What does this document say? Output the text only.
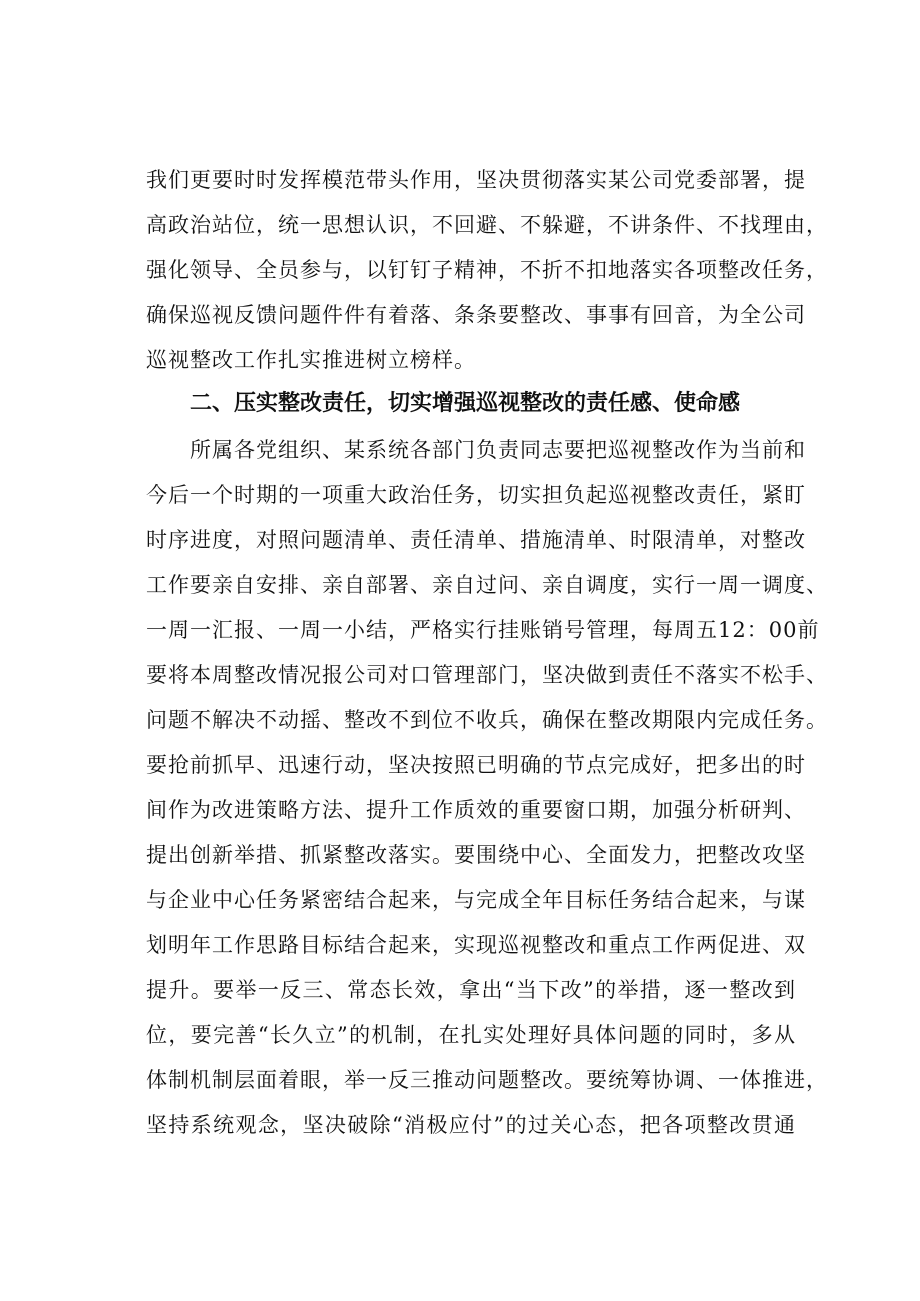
我们更要时时发挥模范带头作用，坚决贯彻落实某公司党委部署，提
高政治站位，统一思想认识，不回避、不躲避，不讲条件、不找理由，
强化领导、全员参与，以钉钉子精神，不折不扣地落实各项整改任务，
确保巡视反馈问题件件有着落、条条要整改、事事有回音，为全公司
巡视整改工作扎实推进树立榜样。
二、压实整改责任，切实增强巡视整改的责任感、使命感
所属各党组织、某系统各部门负责同志要把巡视整改作为当前和
今后一个时期的一项重大政治任务，切实担负起巡视整改责任，紧盯
时序进度，对照问题清单、责任清单、措施清单、时限清单，对整改
工作要亲自安排、亲自部署、亲自过问、亲自调度，实行一周一调度、
一周一汇报、一周一小结，严格实行挂账销号管理，每周五12：00前
要将本周整改情况报公司对口管理部门，坚决做到责任不落实不松手、
问题不解决不动摇、整改不到位不收兵，确保在整改期限内完成任务。
要抢前抓早、迅速行动，坚决按照已明确的节点完成好，把多出的时
间作为改进策略方法、提升工作质效的重要窗口期，加强分析研判、
提出创新举措、抓紧整改落实。要围绕中心、全面发力，把整改攻坚
与企业中心任务紧密结合起来，与完成全年目标任务结合起来，与谋
划明年工作思路目标结合起来，实现巡视整改和重点工作两促进、双
提升。要举一反三、常态长效，拿出“当下改”的举措，逐一整改到
位，要完善“长久立”的机制，在扎实处理好具体问题的同时，多从
体制机制层面着眼，举一反三推动问题整改。要统筹协调、一体推进，
坚持系统观念，坚决破除“消极应付”的过关心态，把各项整改贯通
